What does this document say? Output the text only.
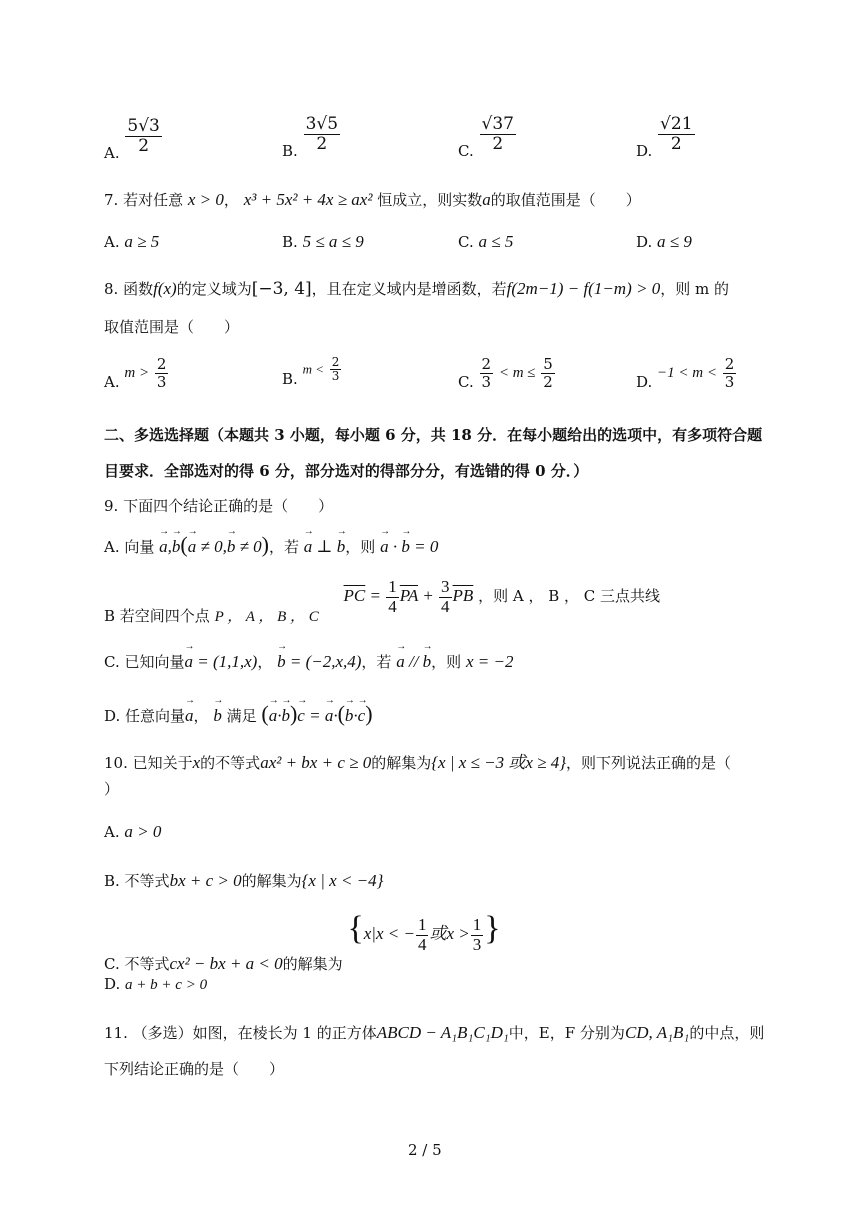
A. $\frac{5√3}{2}$	B. $\frac{3√5}{2}$	C. $\frac{√37}{2}$	D. $\frac{√21}{2}$
7. 若对任意 x > 0， x³ + 5x² + 4x ≥ ax² 恒成立，则实数a的取值范围是（　　）
A. a ≥ 5	B. 5 ≤ a ≤ 9	C. a ≤ 5	D. a ≤ 9
8. 函数f(x)的定义域为[−3, 4]，且在定义域内是增函数，若f(2m−1) − f(1−m) > 0，则 m 的
取值范围是（　　）
A. $m > \frac{2}{3}$	B. $m < \frac{2}{3}$	C. $\frac{2}{3} < m \le \frac{5}{2}$	D. $-1 < m < \frac{2}{3}$
二、多选选择题（本题共 3 小题，每小题 6 分，共 18 分．在每小题给出的选项中，有多项符合题
目要求．全部选对的得 6 分，部分选对的得部分分，有选错的得 0 分．）
9. 下面四个结论正确的是（　　）
A. 向量 → a,→ b(→ a ≠ 0,→ b ≠ 0)，若 → a ⊥ → b，则 → a · → b = 0
B 若空间四个点 P ， A ， B ， C $\overline{PC} = \frac{1}{4} \overline{PA} + \frac{3}{4} \overline{PB}$ ，则 A ， B ， C 三点共线
C. 已知向量→ a = (1,1,x)， → b = (−2,x,4)，若 → a // → b，则 x = −2
D. 任意向量→ a， → b 满足 (→ a·→ b)→ c = → a·(→ b·→ c)
10. 已知关于x的不等式ax² + bx + c ≥ 0的解集为{x | x ≤ −3 或x ≥ 4}，则下列说法正确的是（
）
A. a > 0
B. 不等式bx + c > 0的解集为{x | x < −4}
C. 不等式cx² − bx + a < 0的解集为 {x|x < − $\frac{1}{4}$ 或$x > \frac{1}{3}$ }
D. a + b + c > 0
11. （多选）如图，在棱长为 1 的正方体ABCD − A₁B₁C₁D₁中，E，F 分别为CD, A₁B₁的中点，则
下列结论正确的是（　　）
2 / 5
